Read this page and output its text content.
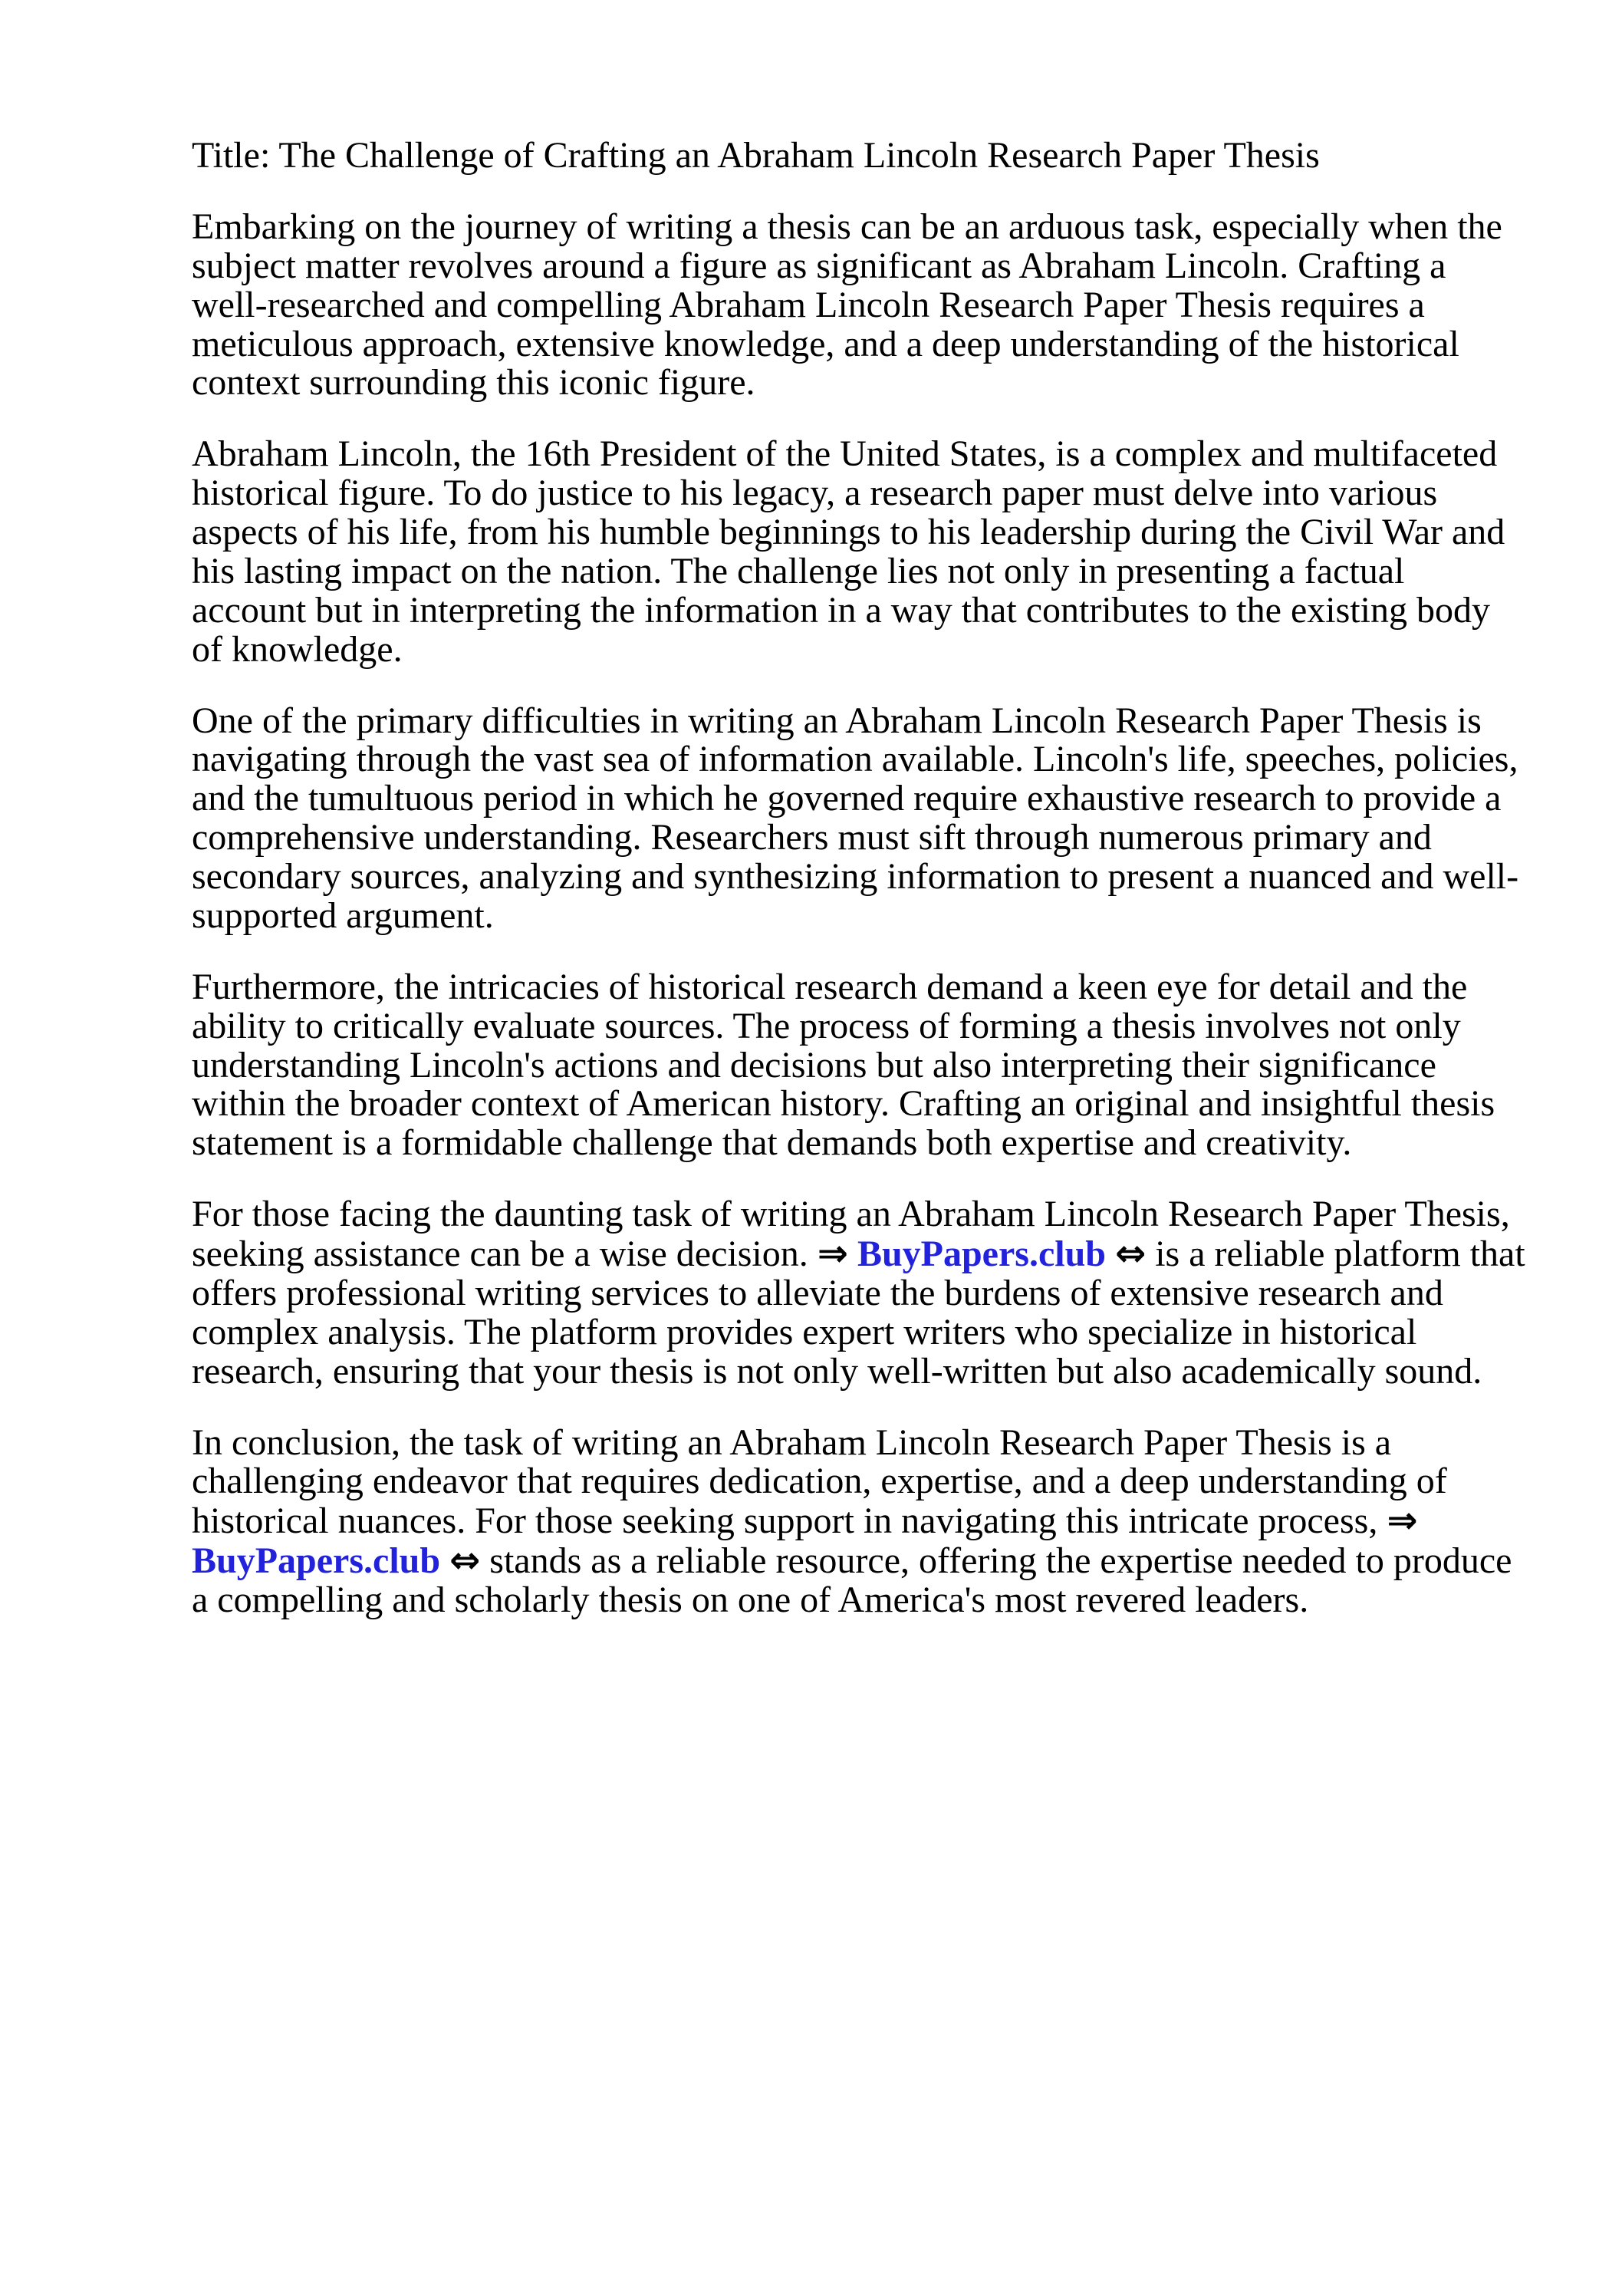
Title: The Challenge of Crafting an Abraham Lincoln Research Paper Thesis

Embarking on the journey of writing a thesis can be an arduous task, especially when the subject matter revolves around a figure as significant as Abraham Lincoln. Crafting a well-researched and compelling Abraham Lincoln Research Paper Thesis requires a meticulous approach, extensive knowledge, and a deep understanding of the historical context surrounding this iconic figure.

Abraham Lincoln, the 16th President of the United States, is a complex and multifaceted historical figure. To do justice to his legacy, a research paper must delve into various aspects of his life, from his humble beginnings to his leadership during the Civil War and his lasting impact on the nation. The challenge lies not only in presenting a factual account but in interpreting the information in a way that contributes to the existing body of knowledge.

One of the primary difficulties in writing an Abraham Lincoln Research Paper Thesis is navigating through the vast sea of information available. Lincoln's life, speeches, policies, and the tumultuous period in which he governed require exhaustive research to provide a comprehensive understanding. Researchers must sift through numerous primary and secondary sources, analyzing and synthesizing information to present a nuanced and well-supported argument.

Furthermore, the intricacies of historical research demand a keen eye for detail and the ability to critically evaluate sources. The process of forming a thesis involves not only understanding Lincoln's actions and decisions but also interpreting their significance within the broader context of American history. Crafting an original and insightful thesis statement is a formidable challenge that demands both expertise and creativity.

For those facing the daunting task of writing an Abraham Lincoln Research Paper Thesis, seeking assistance can be a wise decision. ⇒ BuyPapers.club ⇔ is a reliable platform that offers professional writing services to alleviate the burdens of extensive research and complex analysis. The platform provides expert writers who specialize in historical research, ensuring that your thesis is not only well-written but also academically sound.

In conclusion, the task of writing an Abraham Lincoln Research Paper Thesis is a challenging endeavor that requires dedication, expertise, and a deep understanding of historical nuances. For those seeking support in navigating this intricate process, ⇒ BuyPapers.club ⇔ stands as a reliable resource, offering the expertise needed to produce a compelling and scholarly thesis on one of America's most revered leaders.
